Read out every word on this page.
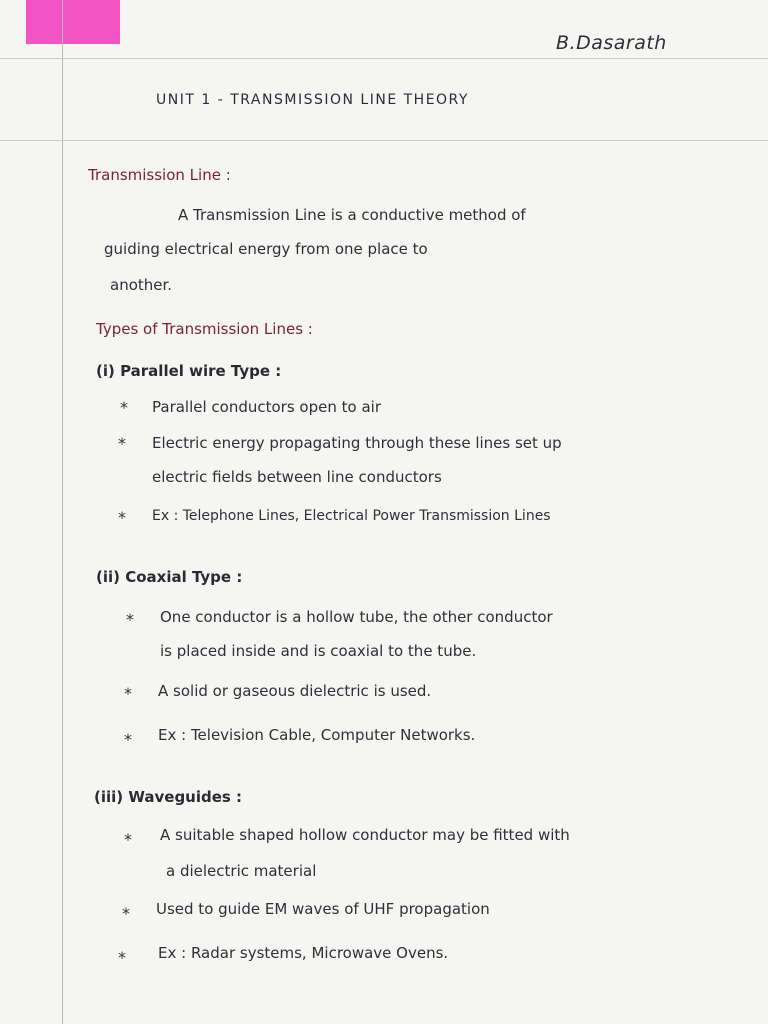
B.Dasarath
UNIT 1 - TRANSMISSION LINE THEORY
Transmission Line :
A Transmission Line is a conductive method of
guiding electrical energy from one place to
another.
Types of Transmission Lines :
(i) Parallel wire Type :
* Parallel conductors open to air
* Electric energy propagating through these lines set up
electric fields between line conductors
* Ex : Telephone Lines, Electrical Power Transmission Lines
(ii) Coaxial Type :
* One conductor is a hollow tube, the other conductor
is placed inside and is coaxial to the tube.
* A solid or gaseous dielectric is used.
* Ex : Television Cable, Computer Networks.
(iii) Waveguides :
* A suitable shaped hollow conductor may be fitted with
a dielectric material
* Used to guide EM waves of UHF propagation
* Ex : Radar systems, Microwave Ovens.
